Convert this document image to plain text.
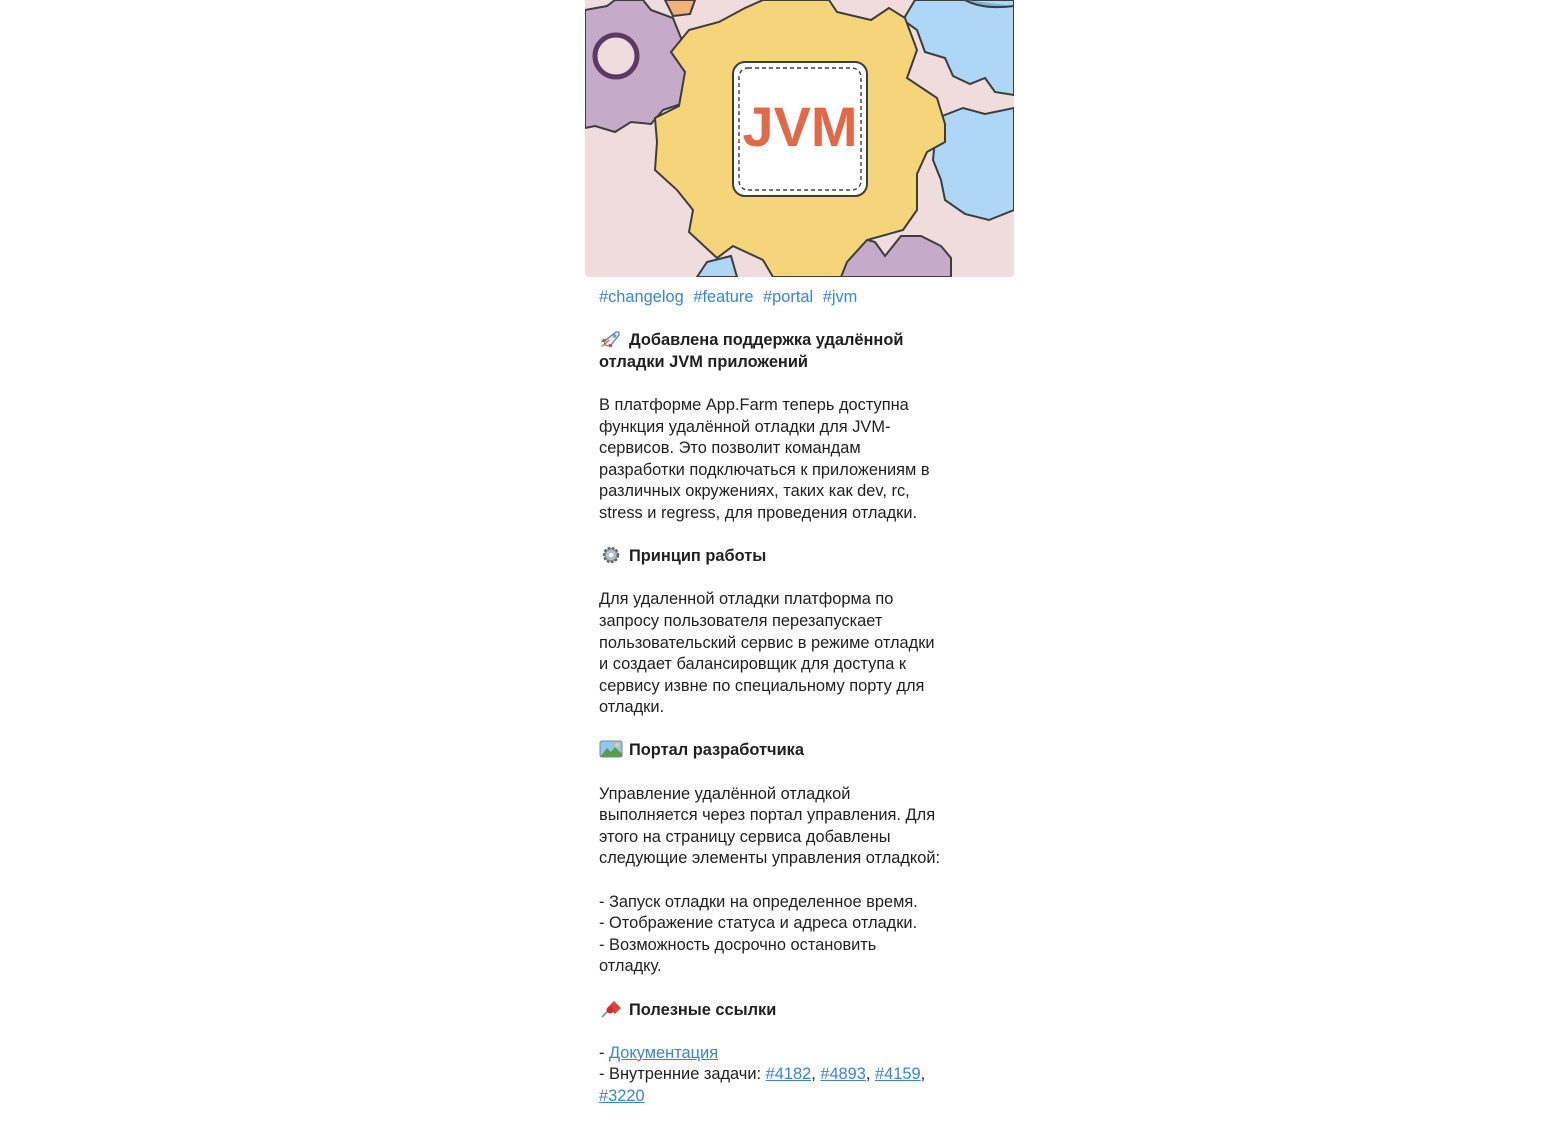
JVM
#changelog #feature #portal #jvm
Добавлена поддержка удалённой
отладки JVM приложений
В платформе App.Farm теперь доступна
функция удалённой отладки для JVM-
сервисов. Это позволит командам
разработки подключаться к приложениям в
различных окружениях, таких как dev, rc,
stress и regress, для проведения отладки.
Принцип работы
Для удаленной отладки платформа по
запросу пользователя перезапускает
пользовательский сервис в режиме отладки
и создает балансировщик для доступа к
сервису извне по специальному порту для
отладки.
Портал разработчика
Управление удалённой отладкой
выполняется через портал управления. Для
этого на страницу сервиса добавлены
следующие элементы управления отладкой:
- Запуск отладки на определенное время.
- Отображение статуса и адреса отладки.
- Возможность досрочно остановить
отладку.
Полезные ссылки
- Документация
- Внутренние задачи: #4182, #4893, #4159,
#3220
